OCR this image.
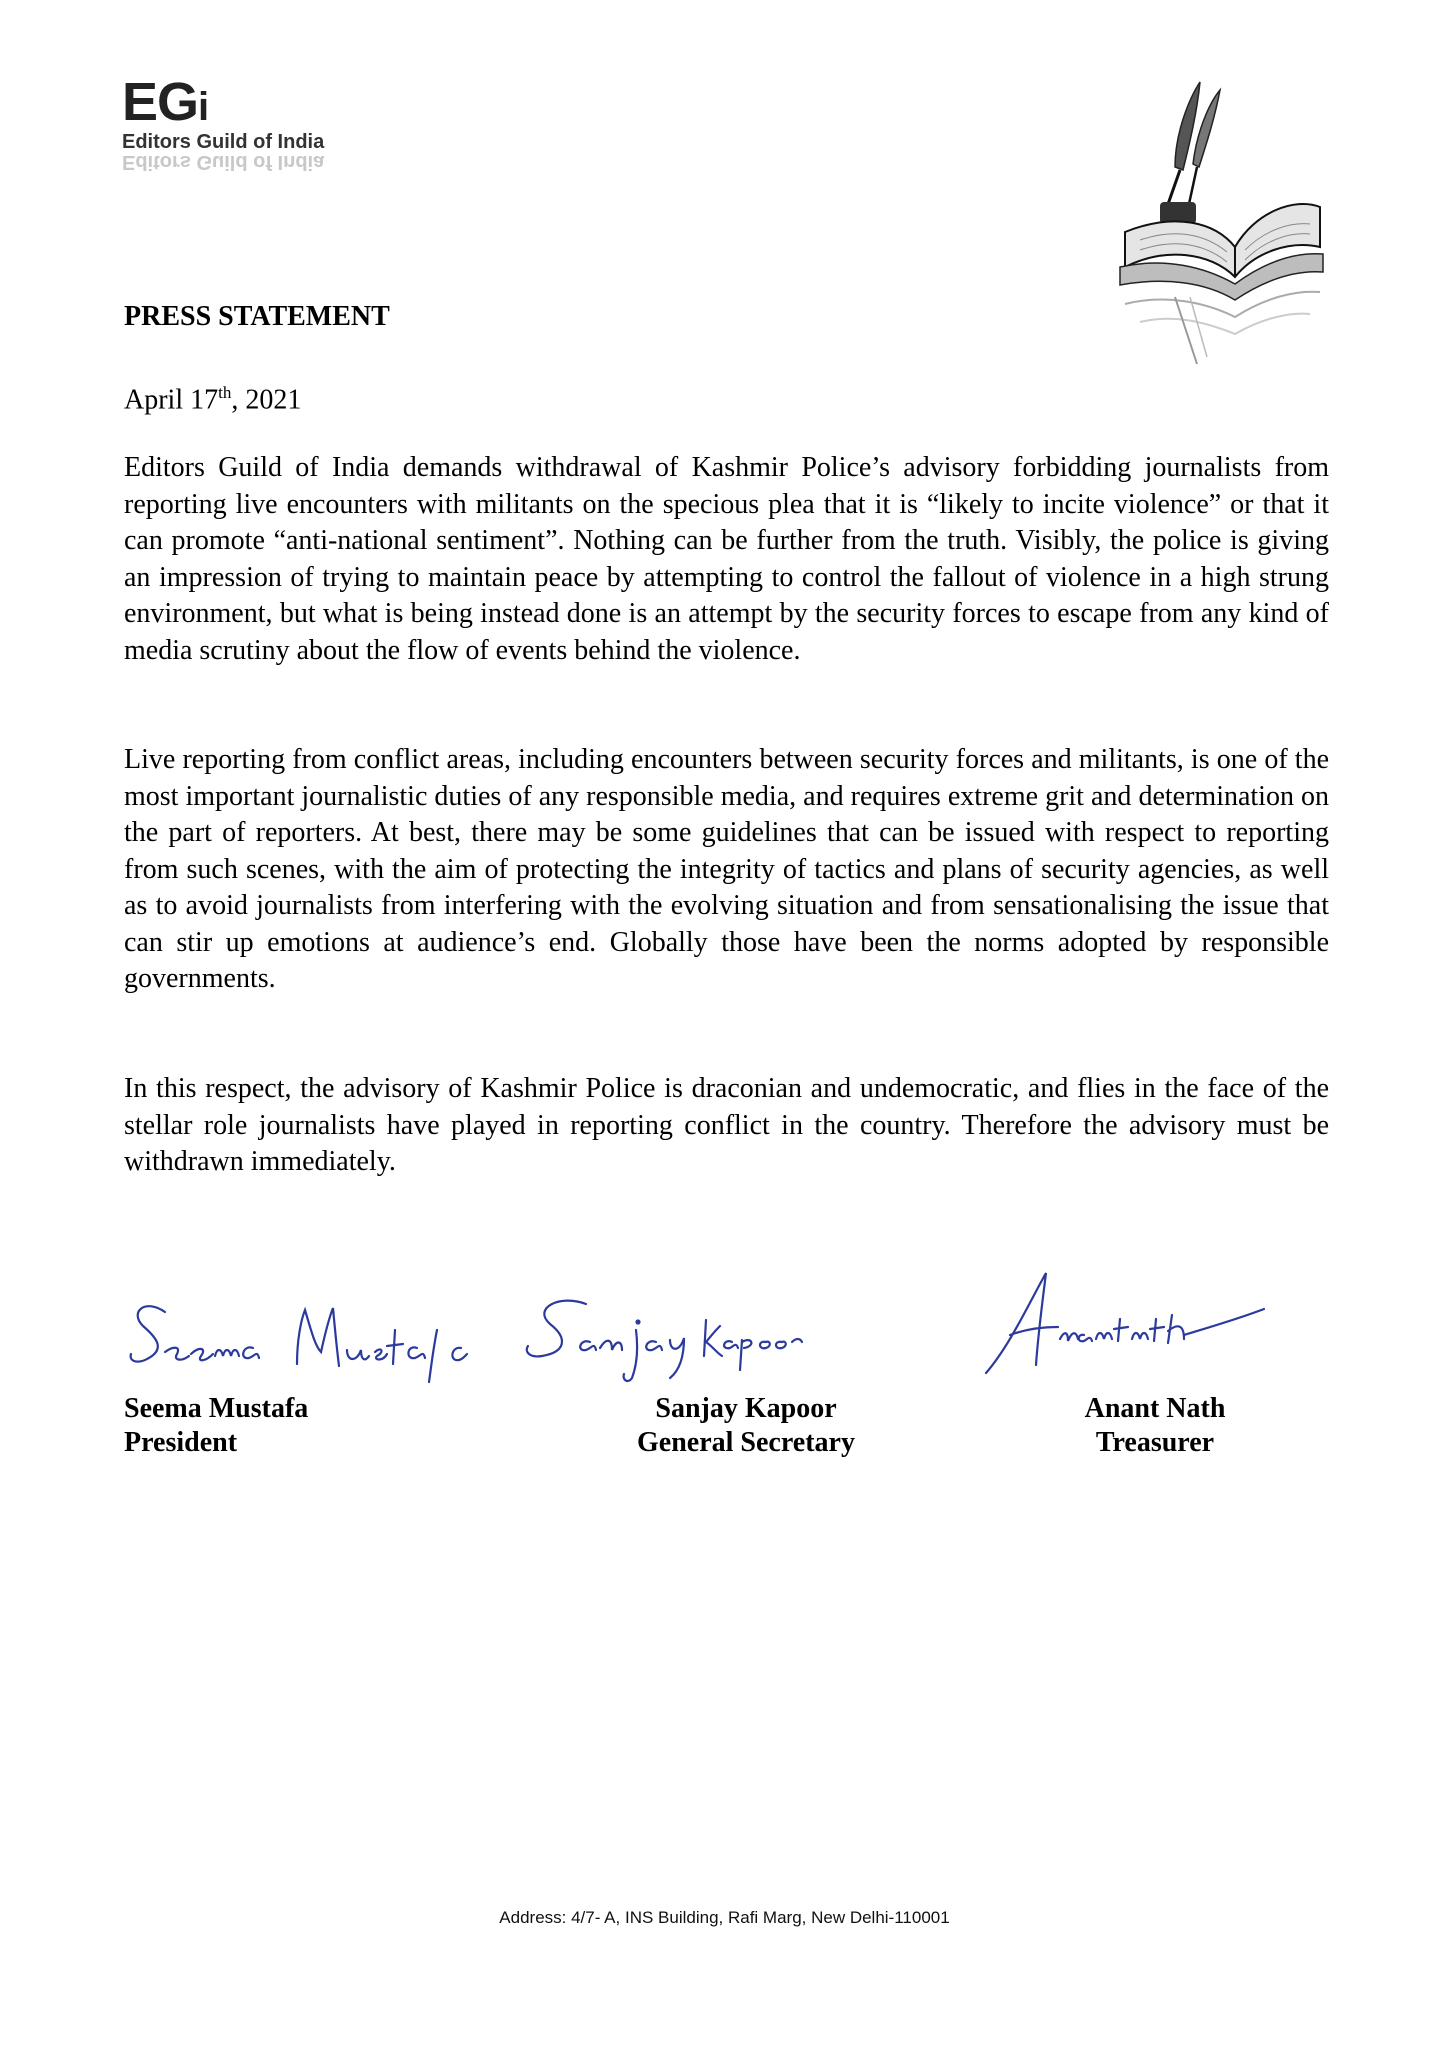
EGi
Editors Guild of India
Editors Guild of India
PRESS STATEMENT

April 17th, 2021

Editors Guild of India demands withdrawal of Kashmir Police’s advisory forbidding journalists from reporting live encounters with militants on the specious plea that it is “likely to incite violence” or that it can promote “anti-national sentiment”. Nothing can be further from the truth. Visibly, the police is giving an impression of trying to maintain peace by attempting to control the fallout of violence in a high strung environment, but what is being instead done is an attempt by the security forces to escape from any kind of media scrutiny about the flow of events behind the violence.

Live reporting from conflict areas, including encounters between security forces and militants, is one of the most important journalistic duties of any responsible media, and requires extreme grit and determination on the part of reporters. At best, there may be some guidelines that can be issued with respect to reporting from such scenes, with the aim of protecting the integrity of tactics and plans of security agencies, as well as to avoid journalists from interfering with the evolving situation and from sensationalising the issue that can stir up emotions at audience’s end. Globally those have been the norms adopted by responsible governments.

In this respect, the advisory of Kashmir Police is draconian and undemocratic, and flies in the face of the stellar role journalists have played in reporting conflict in the country. Therefore the advisory must be withdrawn immediately.

Seema Mustafa
President
Sanjay Kapoor
General Secretary
Anant Nath
Treasurer
Address: 4/7- A, INS Building, Rafi Marg, New Delhi-110001
